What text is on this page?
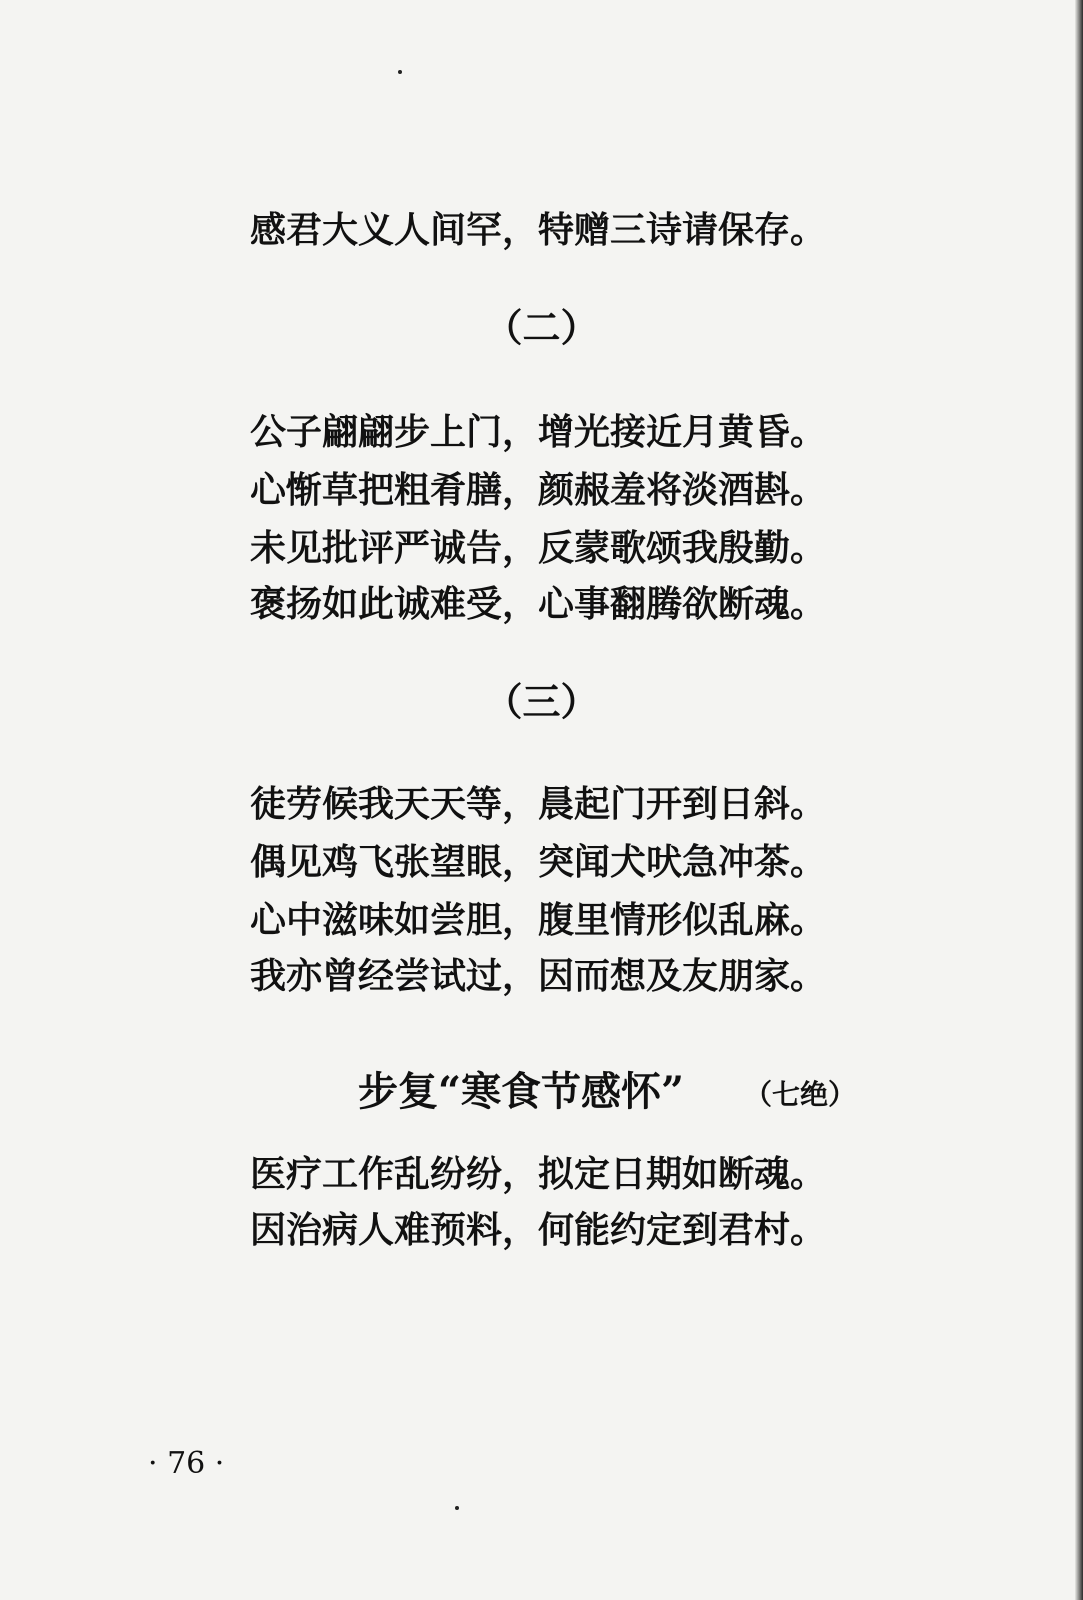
感君大义人间罕，特赠三诗请保存。
（二）
公子翩翩步上门，增光接近月黄昏。
心惭草把粗肴膳，颜赧羞将淡酒斟。
未见批评严诚告，反蒙歌颂我殷勤。
褒扬如此诚难受，心事翻腾欲断魂。
（三）
徒劳候我天天等，晨起门开到日斜。
偶见鸡飞张望眼，突闻犬吠急冲茶。
心中滋味如尝胆，腹里情形似乱麻。
我亦曾经尝试过，因而想及友朋家。
步复“寒食节感怀” （七绝）
医疗工作乱纷纷，拟定日期如断魂。
因治病人难预料，何能约定到君村。
· 76 ·
